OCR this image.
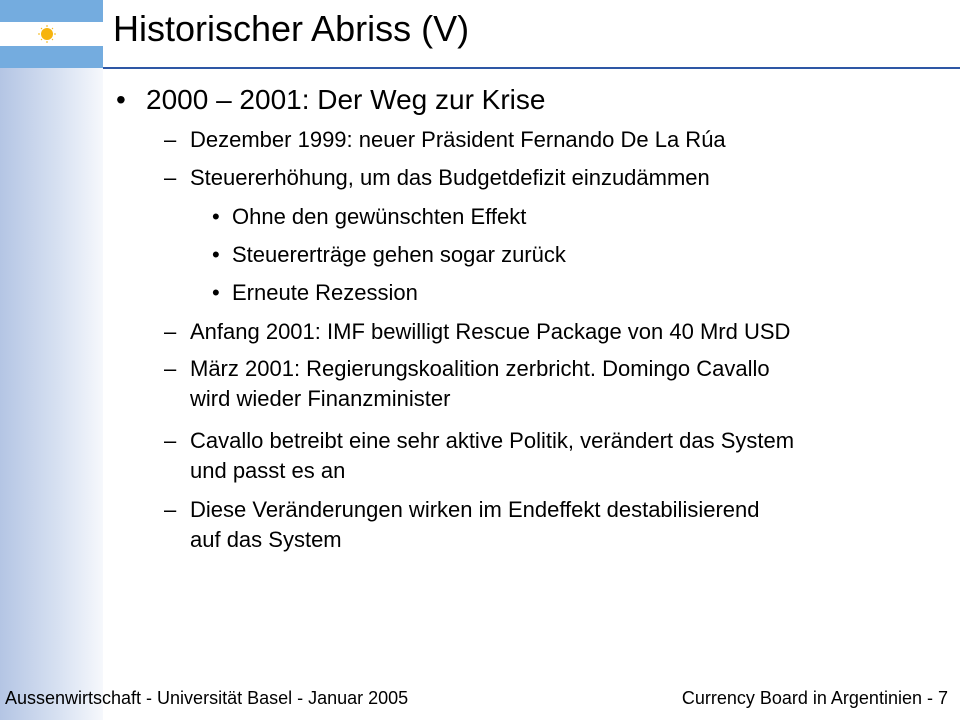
Historischer Abriss (V)
• 2000 – 2001: Der Weg zur Krise
– Dezember 1999: neuer Präsident Fernando De La Rúa
– Steuererhöhung, um das Budgetdefizit einzudämmen
• Ohne den gewünschten Effekt
• Steuererträge gehen sogar zurück
• Erneute Rezession
– Anfang 2001: IMF bewilligt Rescue Package von 40 Mrd USD
– März 2001: Regierungskoalition zerbricht. Domingo Cavallo
wird wieder Finanzminister
– Cavallo betreibt eine sehr aktive Politik, verändert das System
und passt es an
– Diese Veränderungen wirken im Endeffekt destabilisierend
auf das System
Aussenwirtschaft - Universität Basel - Januar 2005	Currency Board in Argentinien - 7
